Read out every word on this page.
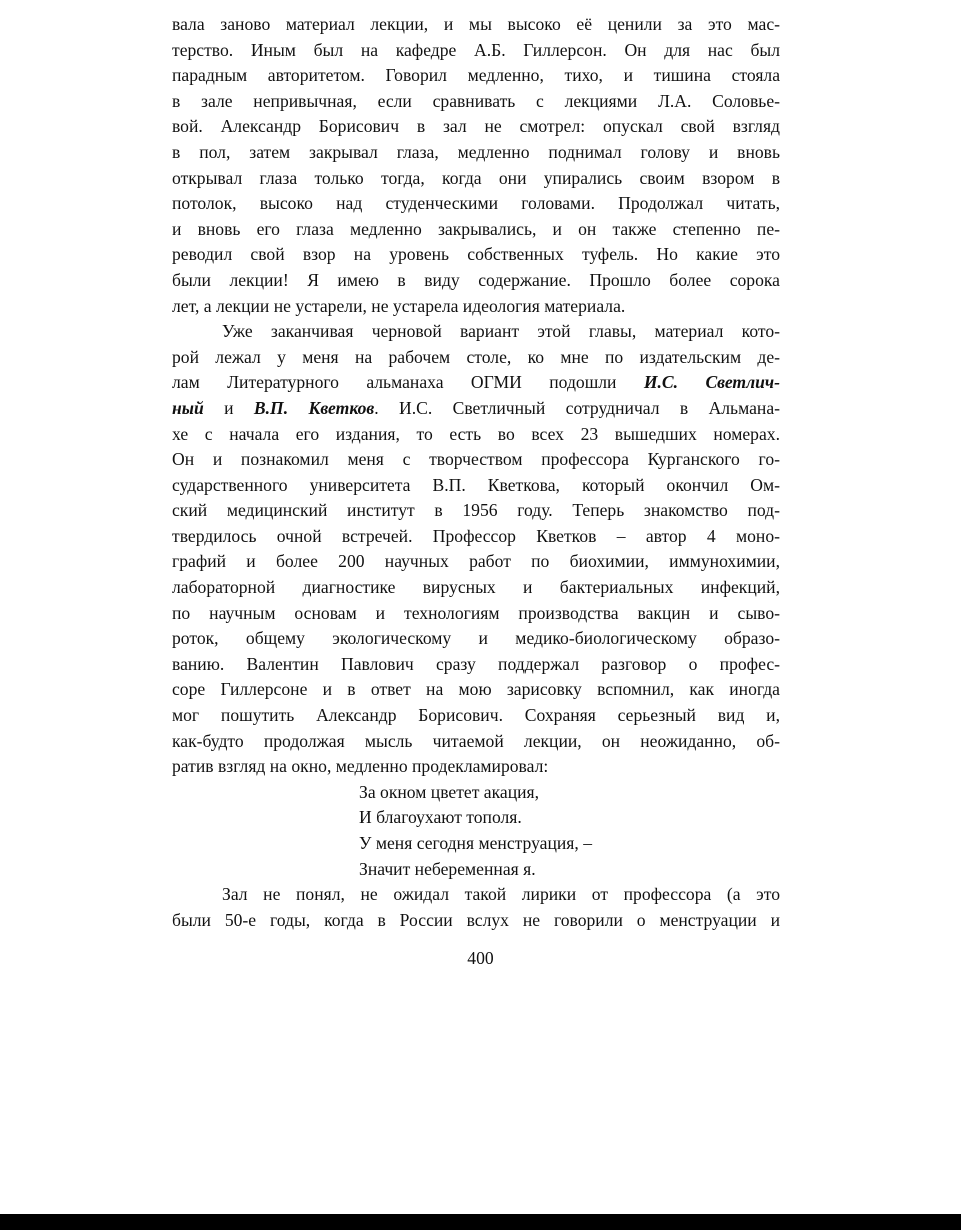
вала заново материал лекции, и мы высоко её ценили за это мас-
терство. Иным был на кафедре А.Б. Гиллерсон. Он для нас был
парадным авторитетом. Говорил медленно, тихо, и тишина стояла
в зале непривычная, если сравнивать с лекциями Л.А. Соловье-
вой. Александр Борисович в зал не смотрел: опускал свой взгляд
в пол, затем закрывал глаза, медленно поднимал голову и вновь
открывал глаза только тогда, когда они упирались своим взором в
потолок, высоко над студенческими головами. Продолжал читать,
и вновь его глаза медленно закрывались, и он также степенно пе-
реводил свой взор на уровень собственных туфель. Но какие это
были лекции! Я имею в виду содержание. Прошло более сорока
лет, а лекции не устарели, не устарела идеология материала.
Уже заканчивая черновой вариант этой главы, материал кото-
рой лежал у меня на рабочем столе, ко мне по издательским де-
лам Литературного альманаха ОГМИ подошли И.С. Светлич-
ный и В.П. Кветков. И.С. Светличный сотрудничал в Альмана-
хе с начала его издания, то есть во всех 23 вышедших номерах.
Он и познакомил меня с творчеством профессора Курганского го-
сударственного университета В.П. Кветкова, который окончил Ом-
ский медицинский институт в 1956 году. Теперь знакомство под-
твердилось очной встречей. Профессор Кветков – автор 4 моно-
графий и более 200 научных работ по биохимии, иммунохимии,
лабораторной диагностике вирусных и бактериальных инфекций,
по научным основам и технологиям производства вакцин и сыво-
роток, общему экологическому и медико-биологическому образо-
ванию. Валентин Павлович сразу поддержал разговор о профес-
соре Гиллерсоне и в ответ на мою зарисовку вспомнил, как иногда
мог пошутить Александр Борисович. Сохраняя серьезный вид и,
как-будто продолжая мысль читаемой лекции, он неожиданно, об-
ратив взгляд на окно, медленно продекламировал:
За окном цветет акация,
И благоухают тополя.
У меня сегодня менструация, –
Значит небеременная я.
Зал не понял, не ожидал такой лирики от профессора (а это
были 50-е годы, когда в России вслух не говорили о менструации и
400
